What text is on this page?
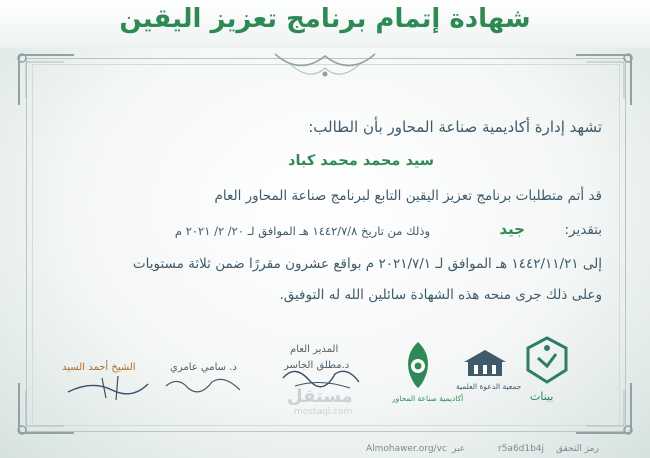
شهادة إتمام برنامج تعزيز اليقين
تشهد إدارة أكاديمية صناعة المحاور بأن الطالب:
سيد محمد محمد كباد
قد أتم متطلبات برنامج تعزيز اليقين التابع لبرنامج صناعة المحاور العام
بتقدير:
جيد
وذلك من تاريخ ١٤٤٢/٧/٨ هـ الموافق لـ ٢٠/ ٢/ ٢٠٢١ م
إلى ١٤٤٢/١١/٢١ هـ الموافق لـ ٢٠٢١/٧/١ م بواقع عشرون مقررًا ضمن ثلاثة مستويات
وعلى ذلك جرى منحه هذه الشهادة سائلين الله له التوفيق.
المدير العام
د.مطلق الجاسر
د. سامي عامري
الشيخ أحمد السيد
أكاديمية صناعة المحاور
جمعية الدعوة العلمية
بينات
مستقل
mostaql.com
رمز التحقق
r5a6d1b4j
عبر
Almohawer.org/vc
